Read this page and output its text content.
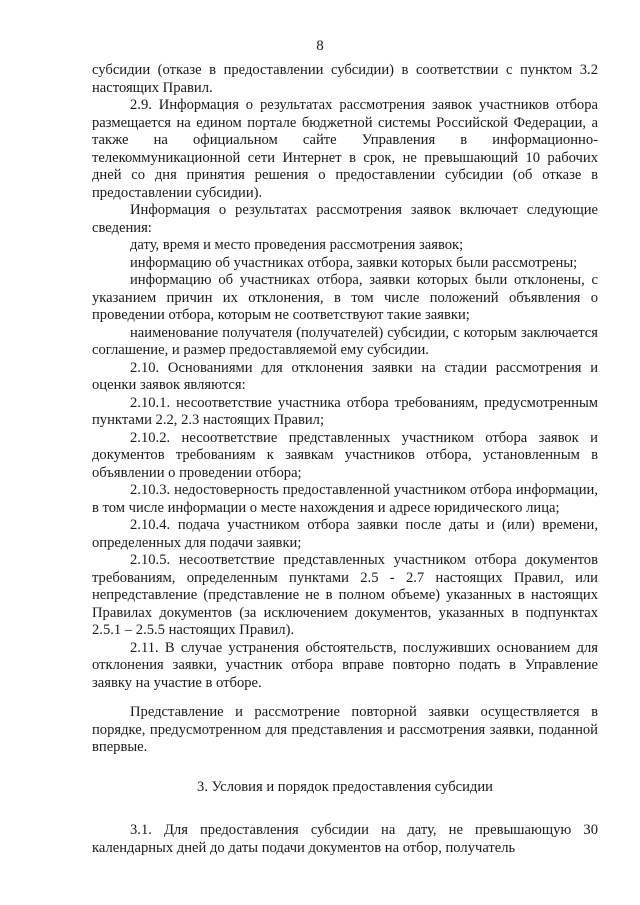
8

субсидии (отказе в предоставлении субсидии) в соответствии с пунктом 3.2 настоящих Правил.

2.9. Информация о результатах рассмотрения заявок участников отбора размещается на едином портале бюджетной системы Российской Федерации, а также на официальном сайте Управления в информационно-телекоммуникационной сети Интернет в срок, не превышающий 10 рабочих дней со дня принятия решения о предоставлении субсидии (об отказе в предоставлении субсидии).

Информация о результатах рассмотрения заявок включает следующие сведения:

дату, время и место проведения рассмотрения заявок;

информацию об участниках отбора, заявки которых были рассмотрены;

информацию об участниках отбора, заявки которых были отклонены, с указанием причин их отклонения, в том числе положений объявления о проведении отбора, которым не соответствуют такие заявки;

наименование получателя (получателей) субсидии, с которым заключается соглашение, и размер предоставляемой ему субсидии.

2.10. Основаниями для отклонения заявки на стадии рассмотрения и оценки заявок являются:

2.10.1. несоответствие участника отбора требованиям, предусмотренным пунктами 2.2, 2.3 настоящих Правил;

2.10.2. несоответствие представленных участником отбора заявок и документов требованиям к заявкам участников отбора, установленным в объявлении о проведении отбора;

2.10.3. недостоверность предоставленной участником отбора информации, в том числе информации о месте нахождения и адресе юридического лица;

2.10.4. подача участником отбора заявки после даты и (или) времени, определенных для подачи заявки;

2.10.5. несоответствие представленных участником отбора документов требованиям, определенным пунктами 2.5 - 2.7 настоящих Правил, или непредставление (представление не в полном объеме) указанных в настоящих Правилах документов (за исключением документов, указанных в подпунктах 2.5.1 – 2.5.5 настоящих Правил).

2.11. В случае устранения обстоятельств, послуживших основанием для отклонения заявки, участник отбора вправе повторно подать в Управление заявку на участие в отборе.

Представление и рассмотрение повторной заявки осуществляется в порядке, предусмотренном для представления и рассмотрения заявки, поданной впервые.

3. Условия и порядок предоставления субсидии

3.1. Для предоставления субсидии на дату, не превышающую 30 календарных дней до даты подачи документов на отбор, получатель
